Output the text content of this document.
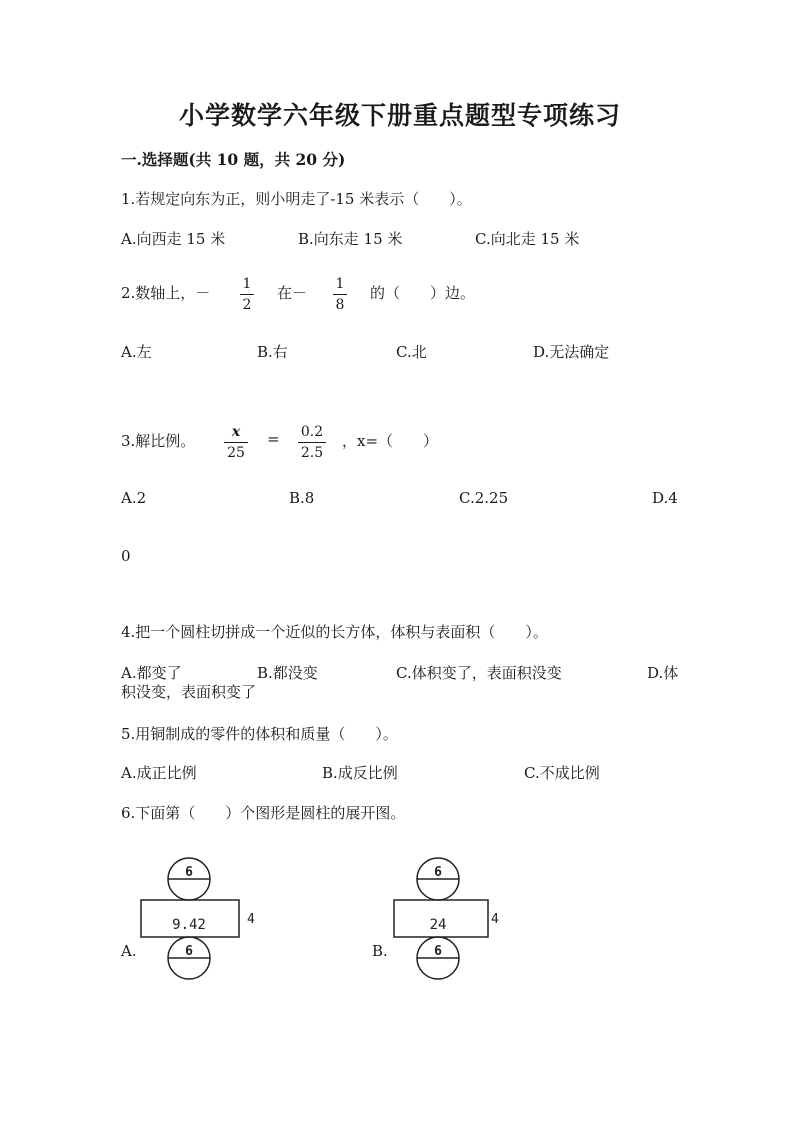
小学数学六年级下册重点题型专项练习
一.选择题(共 10 题，共 20 分)
1.若规定向东为正，则小明走了-15 米表示（　　）。
A.向西走 15 米	B.向东走 15 米	C.向北走 15 米
2.数轴上，－ 1
2
在－ 1
8
的（　　）边。
A.左	B.右	C.北	D.无法确定
3.解比例。	x
25
= 0.2
2.5
，x=（　　）
A.2	B.8	C.2.25	D.4
0
4.把一个圆柱切拼成一个近似的长方体，体积与表面积（　　）。
A.都变了	B.都没变	C.体积变了，表面积没变	D.体
积没变，表面积变了
5.用铜制成的零件的体积和质量（　　）。
A.成正比例	B.成反比例	C.不成比例
6.下面第（　　）个图形是圆柱的展开图。
A.
6
9.42	4
6	B.
6
24	4
6
